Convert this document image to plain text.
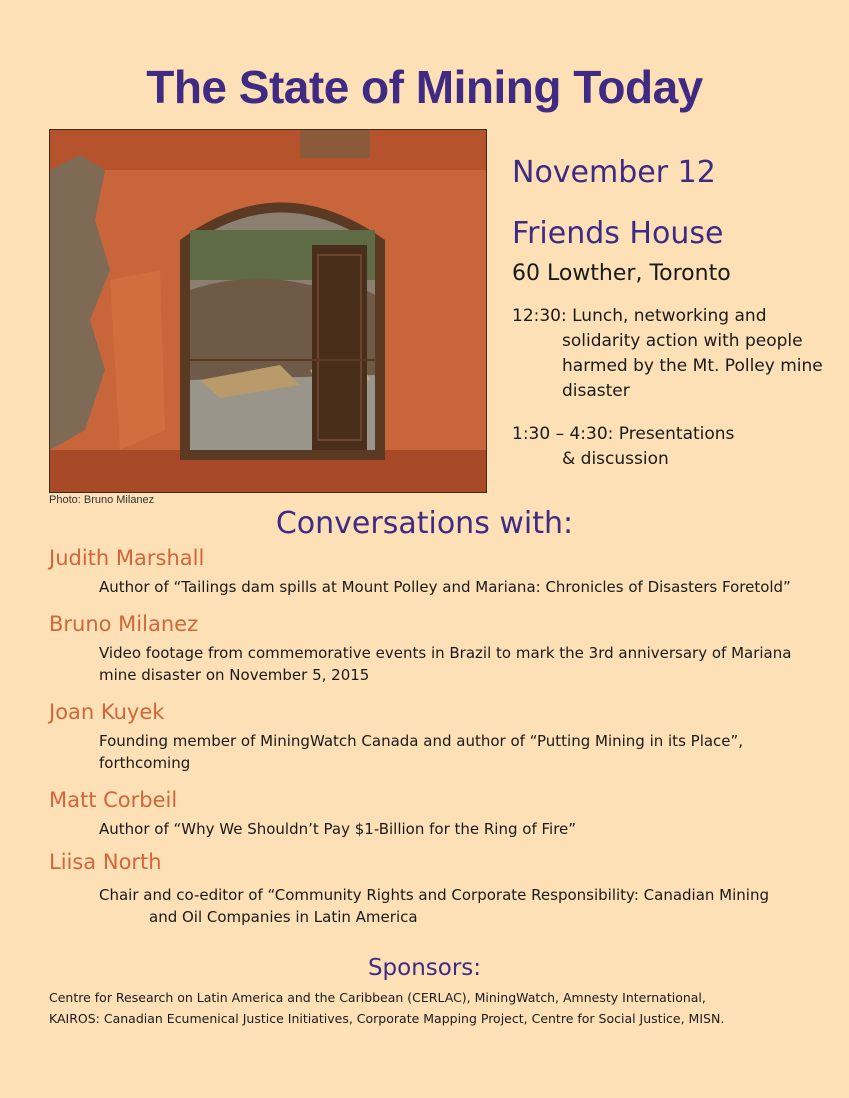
The State of Mining Today
Photo: Bruno Milanez
November 12
Friends House
60 Lowther, Toronto
12:30: Lunch, networking and
solidarity action with people harmed by the Mt. Polley mine disaster
1:30 – 4:30: Presentations
& discussion
Conversations with:
Judith Marshall
Author of “Tailings dam spills at Mount Polley and Mariana: Chronicles of Disasters Foretold”
Bruno Milanez
Video footage from commemorative events in Brazil to mark the 3rd anniversary of Mariana mine disaster on November 5, 2015
Joan Kuyek
Founding member of MiningWatch Canada and author of “Putting Mining in its Place”, forthcoming
Matt Corbeil
Author of “Why We Shouldn’t Pay $1-Billion for the Ring of Fire”
Liisa North
Chair and co-editor of “Community Rights and Corporate Responsibility: Canadian Mining
and Oil Companies in Latin America
Sponsors:
Centre for Research on Latin America and the Caribbean (CERLAC), MiningWatch, Amnesty International,
KAIROS: Canadian Ecumenical Justice Initiatives, Corporate Mapping Project, Centre for Social Justice, MISN.
